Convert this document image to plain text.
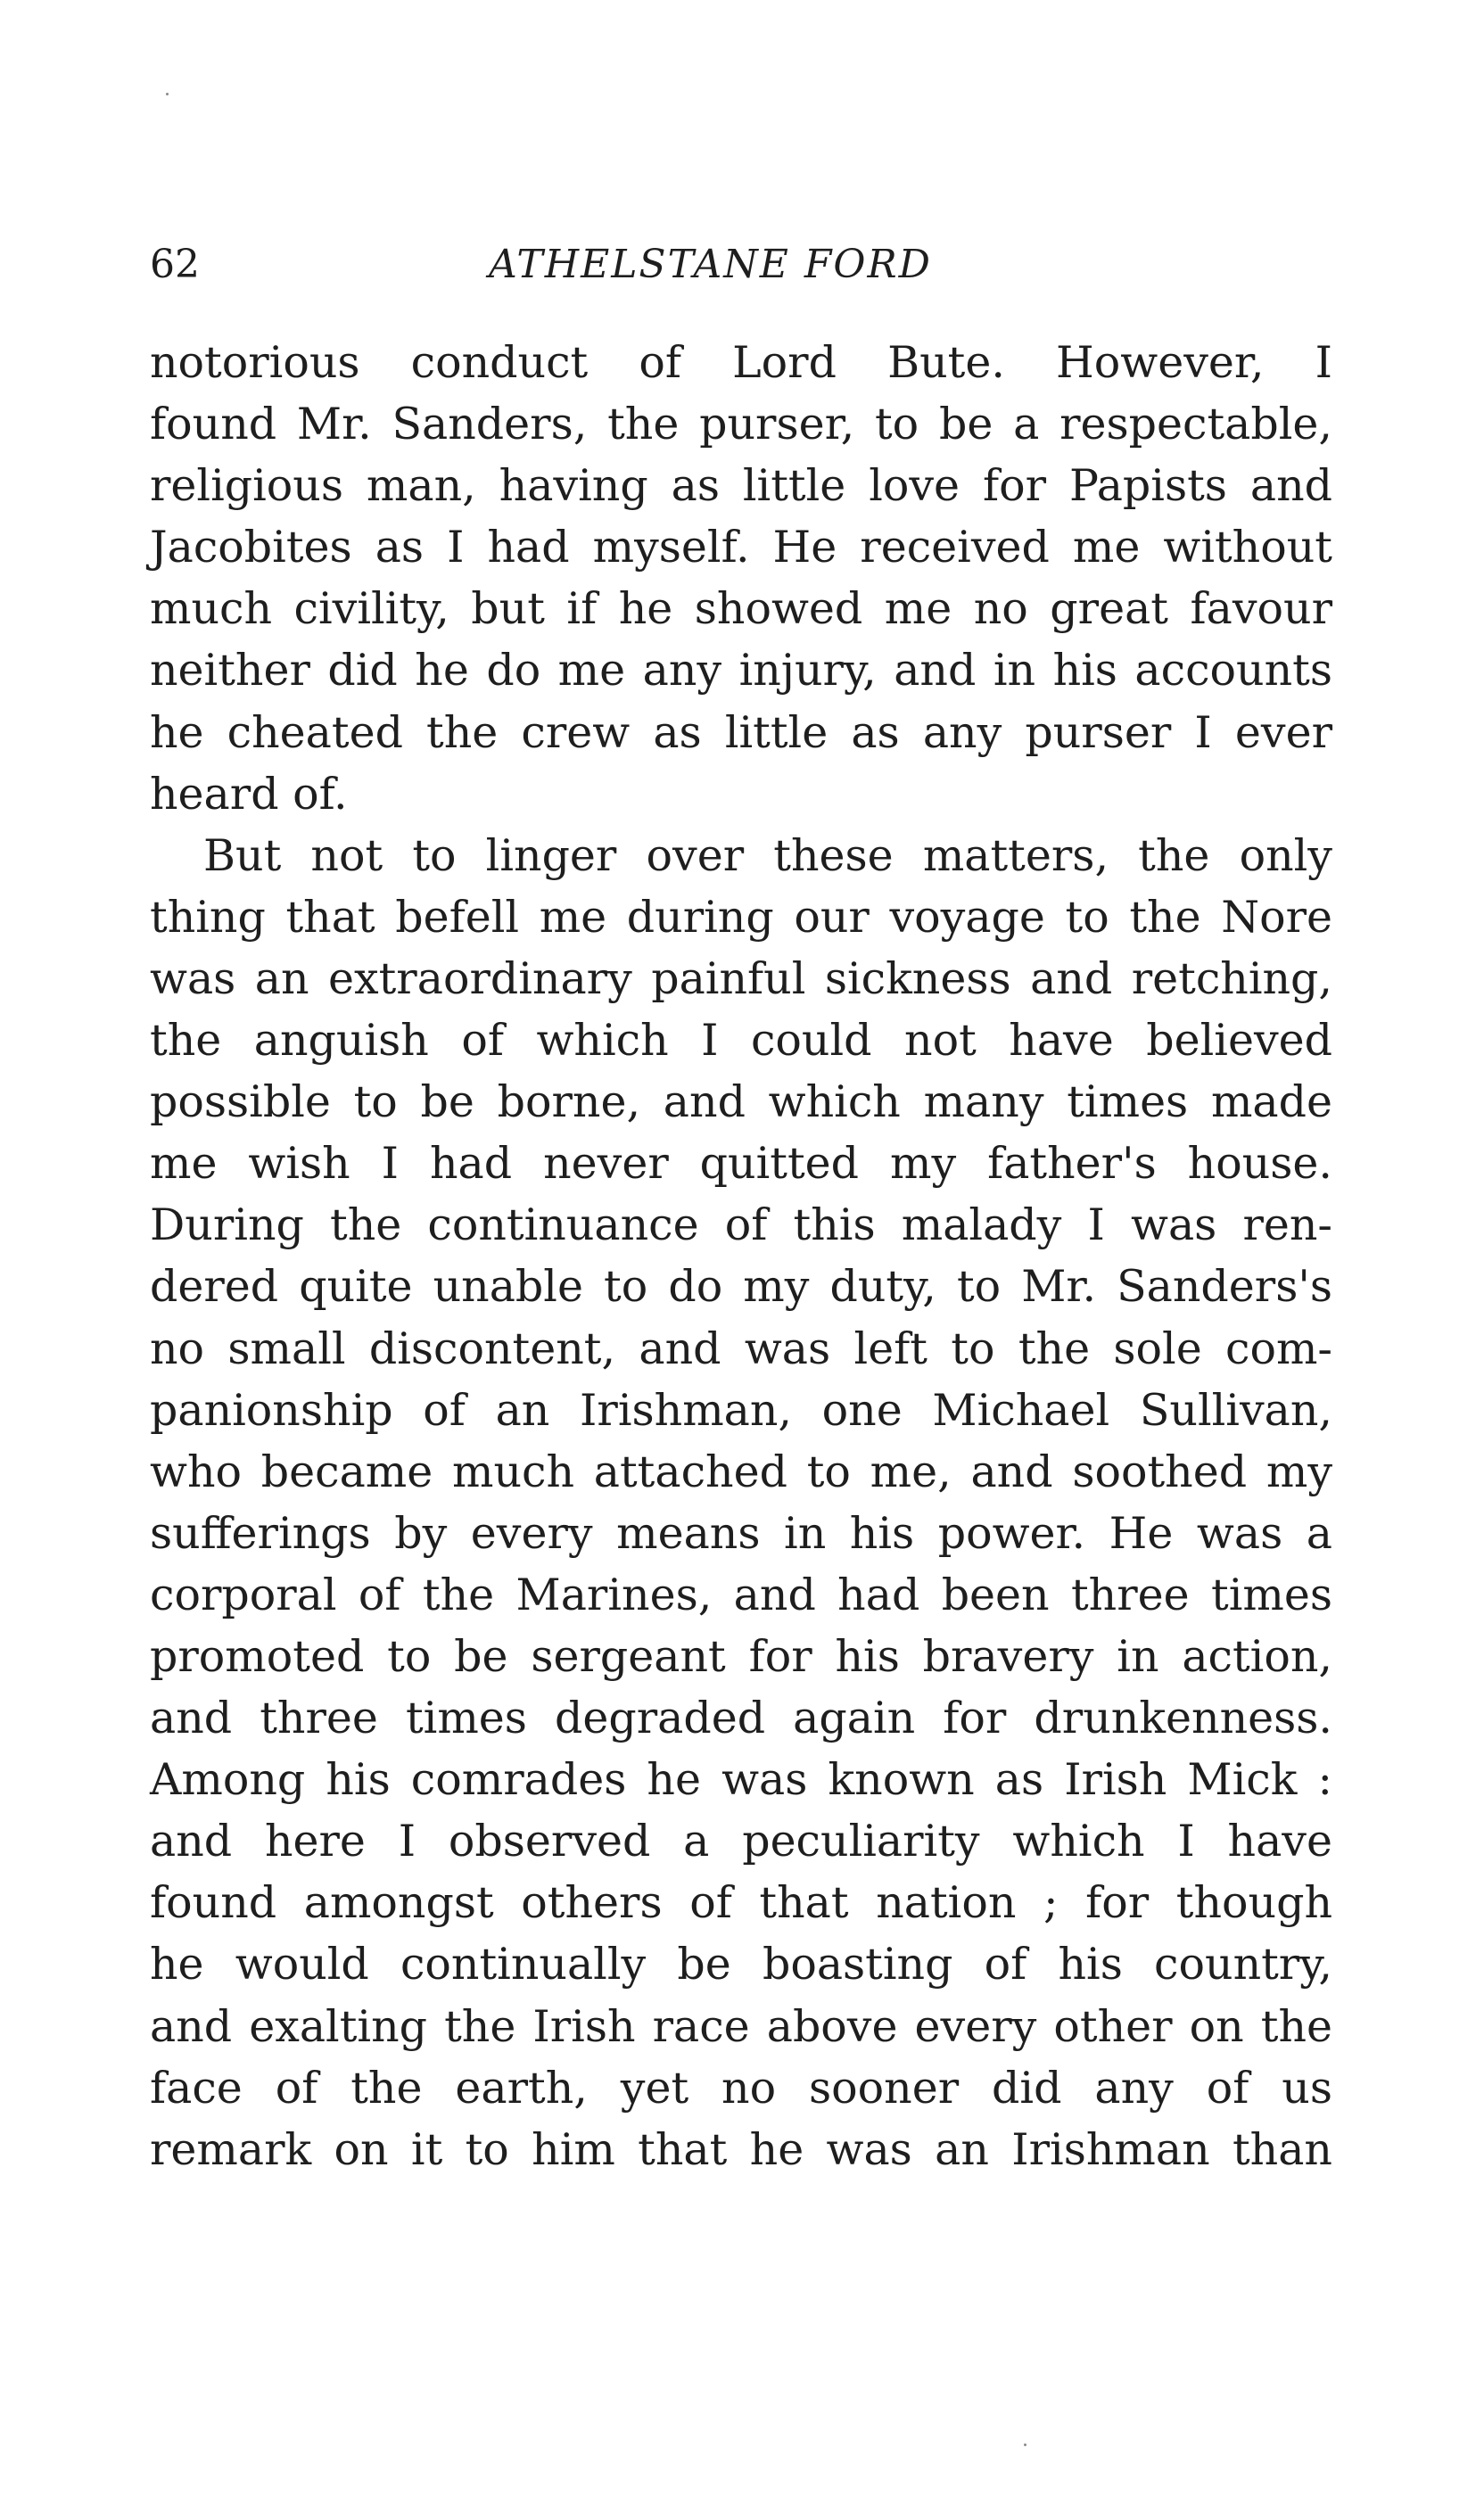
62	ATHELSTANE FORD
notorious conduct of Lord Bute. However, I
found Mr. Sanders, the purser, to be a respectable,
religious man, having as little love for Papists and
Jacobites as I had myself. He received me without
much civility, but if he showed me no great favour
neither did he do me any injury, and in his accounts
he cheated the crew as little as any purser I ever
heard of.
But not to linger over these matters, the only
thing that befell me during our voyage to the Nore
was an extraordinary painful sickness and retching,
the anguish of which I could not have believed
possible to be borne, and which many times made
me wish I had never quitted my father's house.
During the continuance of this malady I was ren-
dered quite unable to do my duty, to Mr. Sanders's
no small discontent, and was left to the sole com-
panionship of an Irishman, one Michael Sullivan,
who became much attached to me, and soothed my
sufferings by every means in his power. He was a
corporal of the Marines, and had been three times
promoted to be sergeant for his bravery in action,
and three times degraded again for drunkenness.
Among his comrades he was known as Irish Mick :
and here I observed a peculiarity which I have
found amongst others of that nation ; for though
he would continually be boasting of his country,
and exalting the Irish race above every other on the
face of the earth, yet no sooner did any of us
remark on it to him that he was an Irishman than
